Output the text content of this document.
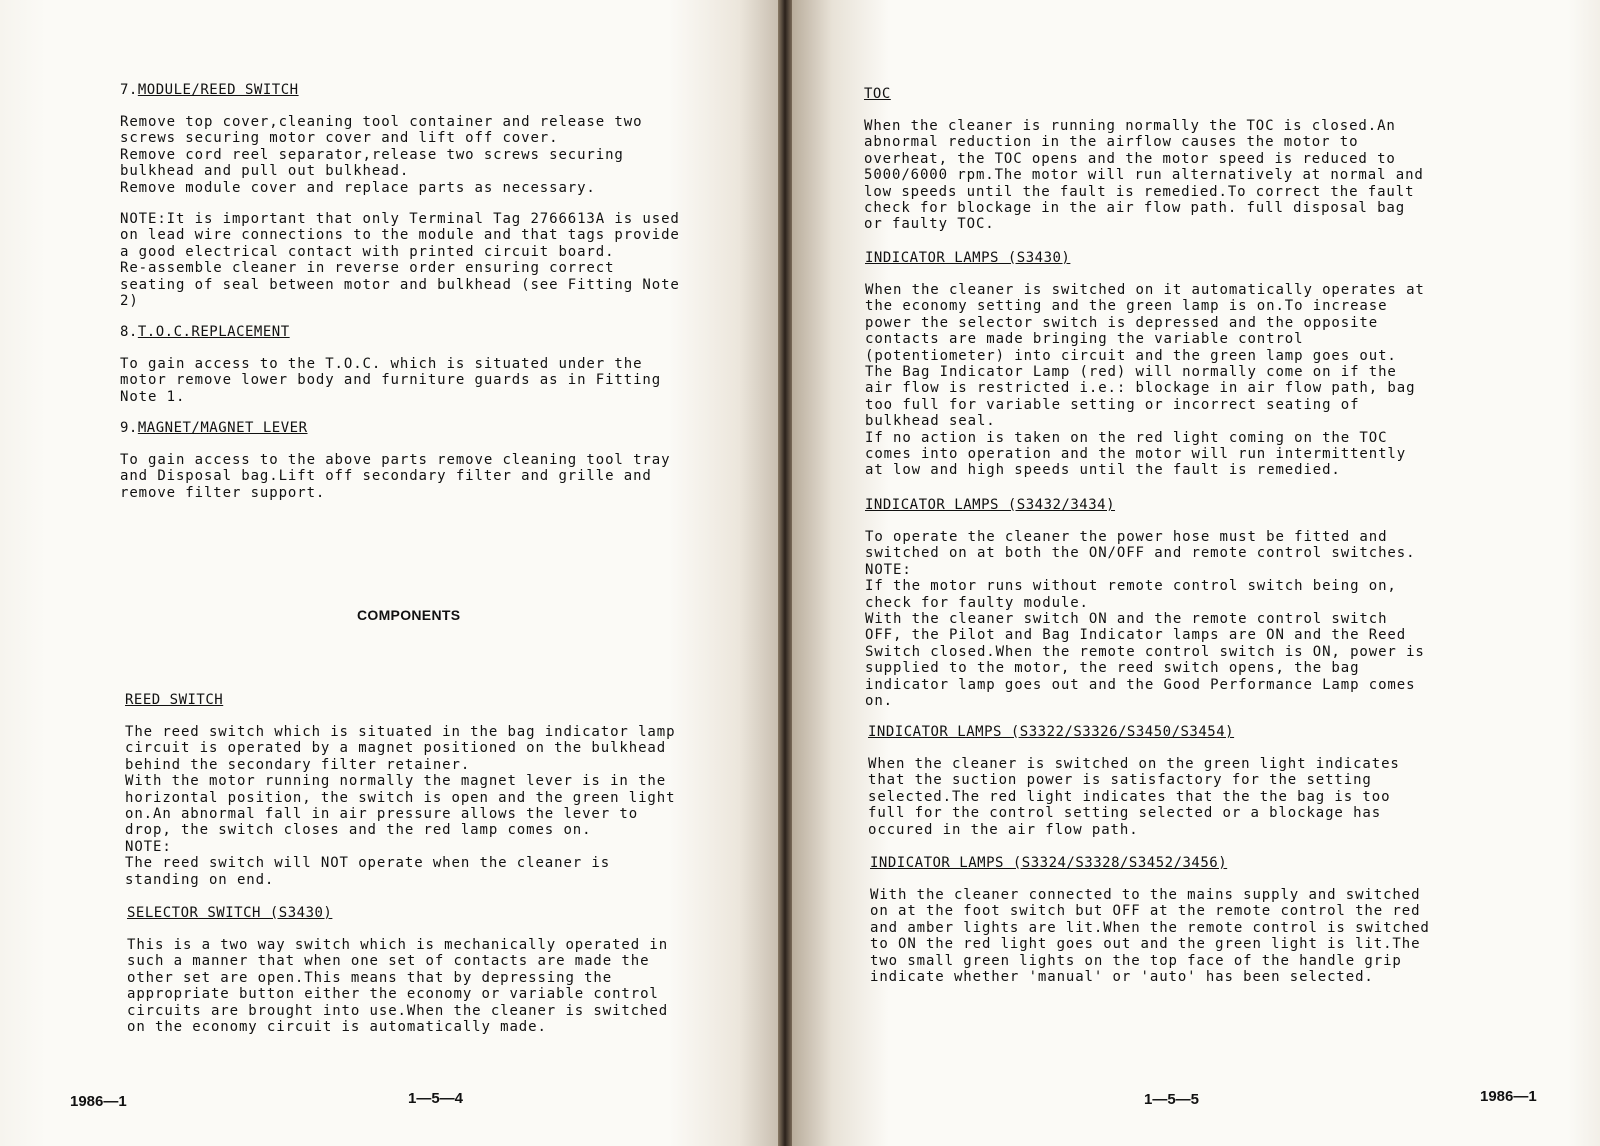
7.MODULE/REED SWITCH

Remove top cover,cleaning tool container and release two
screws securing motor cover and lift off cover.
Remove cord reel separator,release two screws securing
bulkhead and pull out bulkhead.
Remove module cover and replace parts as necessary.

NOTE:It is important that only Terminal Tag 2766613A is used
on lead wire connections to the module and that tags provide
a good electrical contact with printed circuit board.
Re-assemble cleaner in reverse order ensuring correct
seating of seal between motor and bulkhead (see Fitting Note
2)

8.T.O.C.REPLACEMENT

To gain access to the T.O.C. which is situated under the
motor remove lower body and furniture guards as in Fitting
Note 1.

9.MAGNET/MAGNET LEVER

To gain access to the above parts remove cleaning tool tray
and Disposal bag.Lift off secondary filter and grille and
remove filter support.

COMPONENTS

REED SWITCH

The reed switch which is situated in the bag indicator lamp
circuit is operated by a magnet positioned on the bulkhead
behind the secondary filter retainer.
With the motor running normally the magnet lever is in the
horizontal position, the switch is open and the green light
on.An abnormal fall in air pressure allows the lever to
drop, the switch closes and the red lamp comes on.
NOTE:
The reed switch will NOT operate when the cleaner is
standing on end.

SELECTOR SWITCH (S3430)

This is a two way switch which is mechanically operated in
such a manner that when one set of contacts are made the
other set are open.This means that by depressing the
appropriate button either the economy or variable control
circuits are brought into use.When the cleaner is switched
on the economy circuit is automatically made.

1986—1	1—5—4

TOC

When the cleaner is running normally the TOC is closed.An
abnormal reduction in the airflow causes the motor to
overheat, the TOC opens and the motor speed is reduced to
5000/6000 rpm.The motor will run alternatively at normal and
low speeds until the fault is remedied.To correct the fault
check for blockage in the air flow path. full disposal bag
or faulty TOC.

INDICATOR LAMPS (S3430)

When the cleaner is switched on it automatically operates at
the economy setting and the green lamp is on.To increase
power the selector switch is depressed and the opposite
contacts are made bringing the variable control
(potentiometer) into circuit and the green lamp goes out.
The Bag Indicator Lamp (red) will normally come on if the
air flow is restricted i.e.: blockage in air flow path, bag
too full for variable setting or incorrect seating of
bulkhead seal.
If no action is taken on the red light coming on the TOC
comes into operation and the motor will run intermittently
at low and high speeds until the fault is remedied.

INDICATOR LAMPS (S3432/3434)

To operate the cleaner the power hose must be fitted and
switched on at both the ON/OFF and remote control switches.
NOTE:
If the motor runs without remote control switch being on,
check for faulty module.
With the cleaner switch ON and the remote control switch
OFF, the Pilot and Bag Indicator lamps are ON and the Reed
Switch closed.When the remote control switch is ON, power is
supplied to the motor, the reed switch opens, the bag
indicator lamp goes out and the Good Performance Lamp comes
on.

INDICATOR LAMPS (S3322/S3326/S3450/S3454)

When the cleaner is switched on the green light indicates
that the suction power is satisfactory for the setting
selected.The red light indicates that the the bag is too
full for the control setting selected or a blockage has
occured in the air flow path.

INDICATOR LAMPS (S3324/S3328/S3452/3456)

With the cleaner connected to the mains supply and switched
on at the foot switch but OFF at the remote control the red
and amber lights are lit.When the remote control is switched
to ON the red light goes out and the green light is lit.The
two small green lights on the top face of the handle grip
indicate whether 'manual' or 'auto' has been selected.

1—5—5	1986—1
